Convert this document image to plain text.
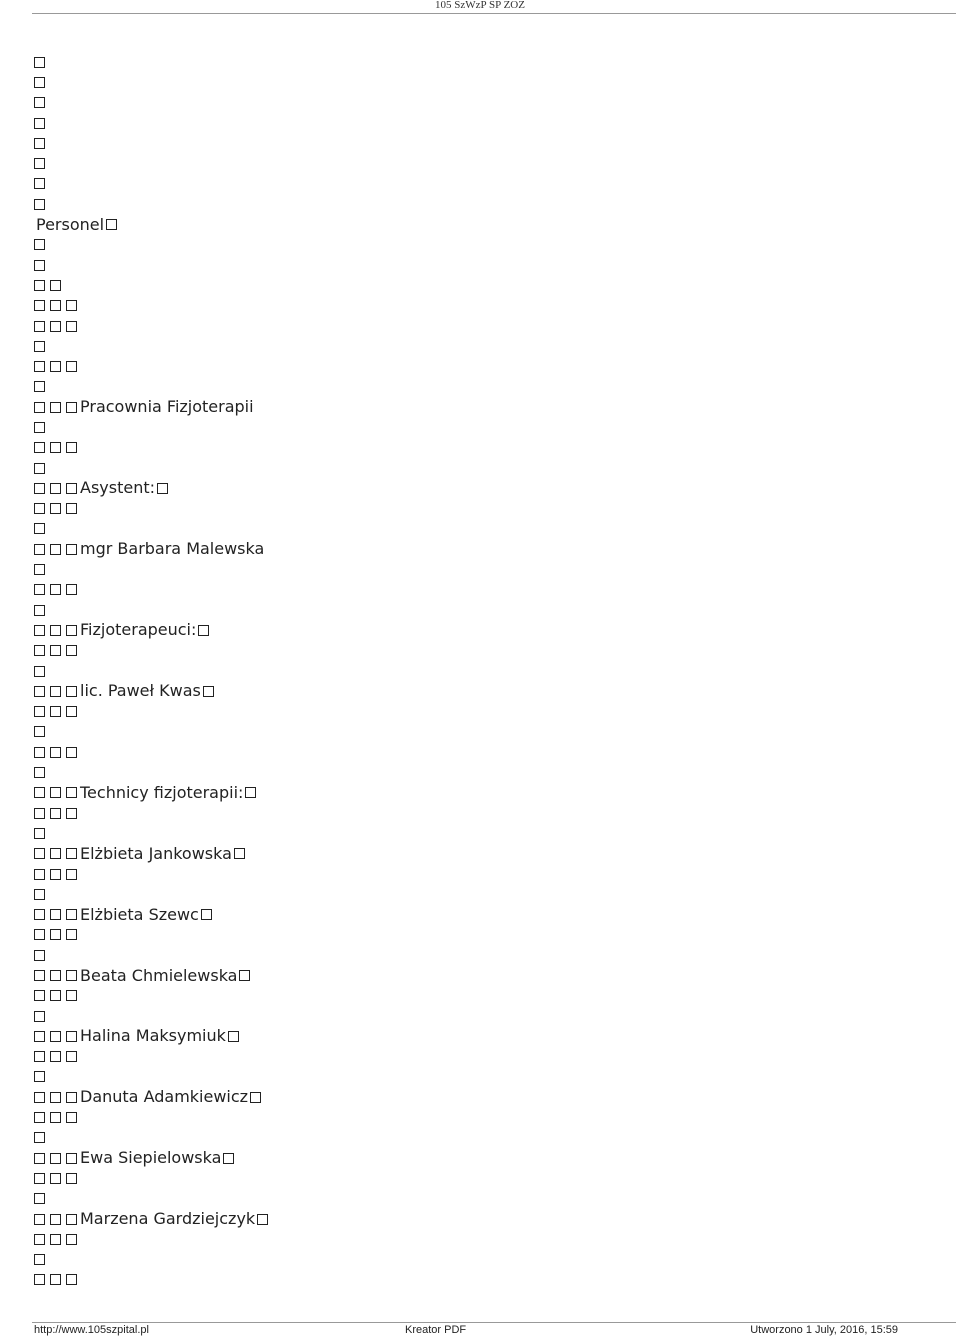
105 SzWzP SP ZOZ
Personel
Pracownia Fizjoterapii
Asystent:
mgr Barbara Malewska
Fizjoterapeuci:
lic. Paweł Kwas
Technicy fizjoterapii:
Elżbieta Jankowska
Elżbieta Szewc
Beata Chmielewska
Halina Maksymiuk
Danuta Adamkiewicz
Ewa Siepielowska
Marzena Gardziejczyk
http://www.105szpital.pl	Kreator PDF	Utworzono 1 July, 2016, 15:59
